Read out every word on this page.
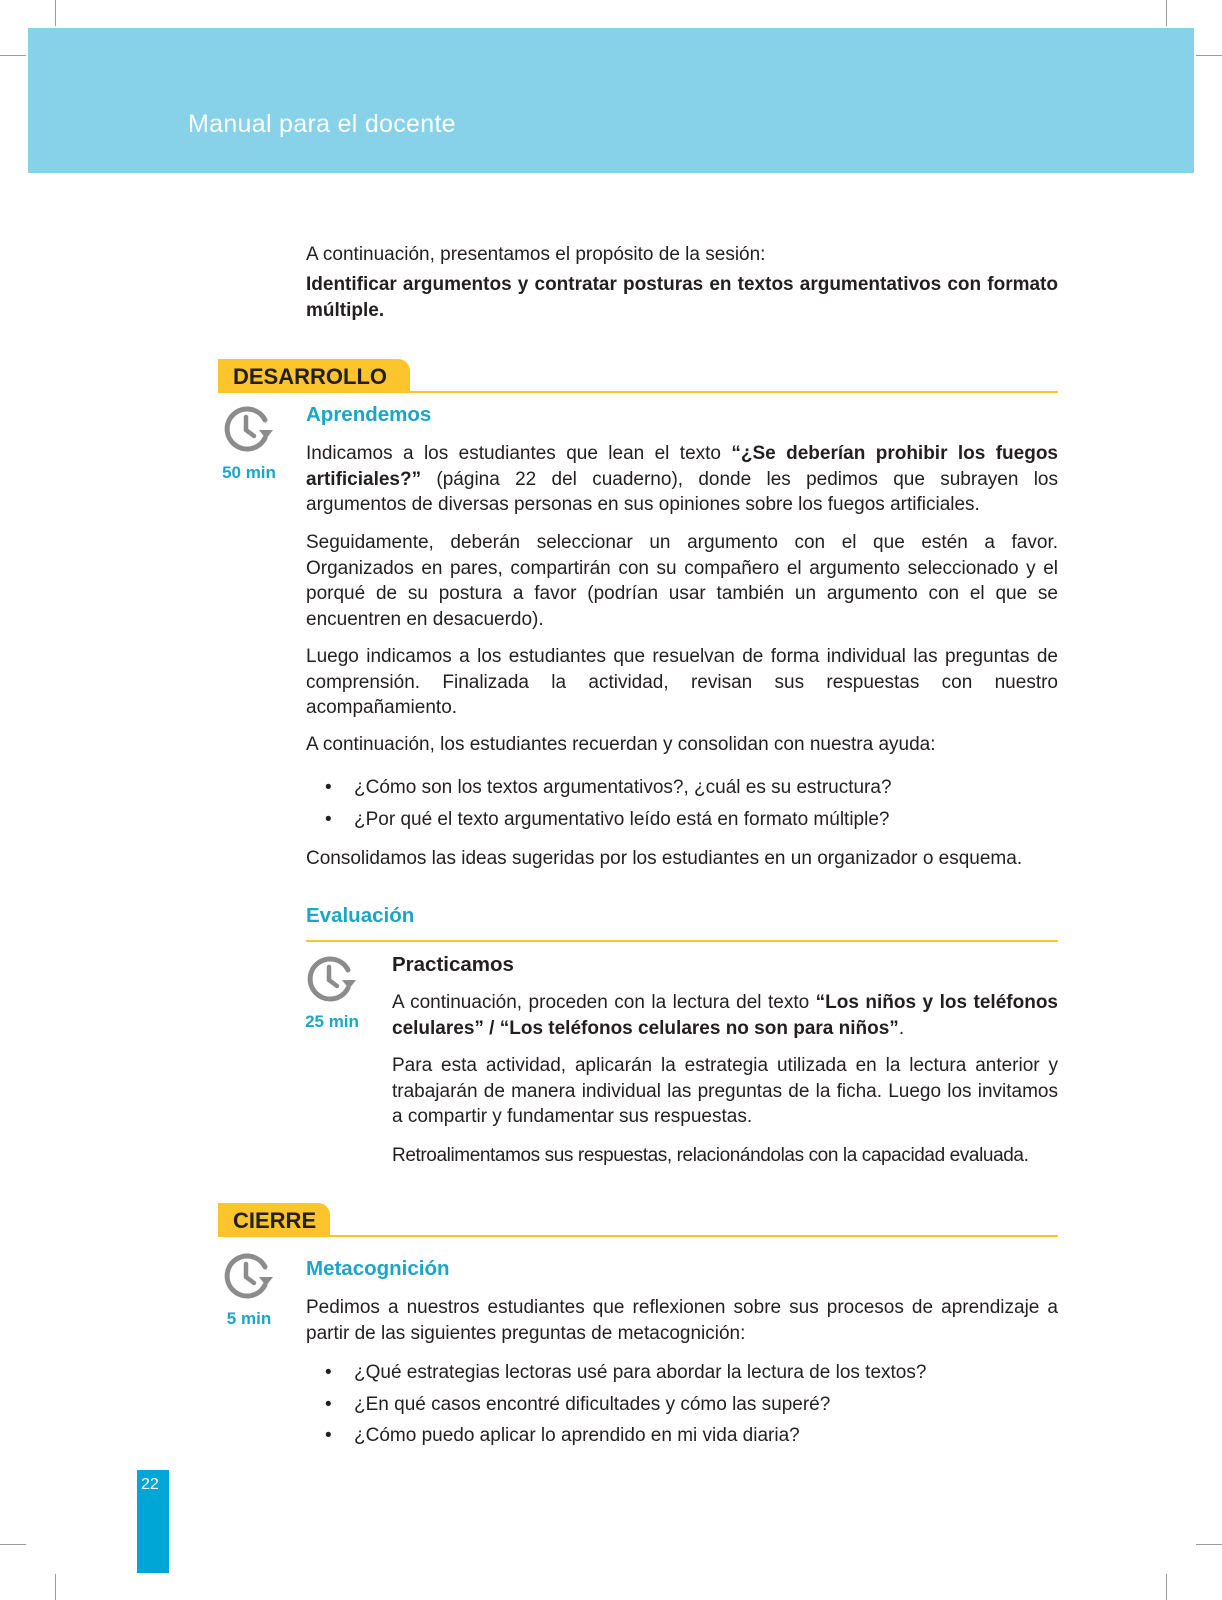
Manual para el docente

A continuación, presentamos el propósito de la sesión:

Identificar argumentos y contratar posturas en textos argumentativos con formato múltiple.

DESARROLLO
50 min
Aprendemos

Indicamos a los estudiantes que lean el texto “¿Se deberían prohibir los fuegos artificiales?” (página 22 del cuaderno), donde les pedimos que subrayen los argumentos de diversas personas en sus opiniones sobre los fuegos artificiales.

Seguidamente, deberán seleccionar un argumento con el que estén a favor. Organizados en pares, compartirán con su compañero el argumento seleccionado y el porqué de su postura a favor (podrían usar también un argumento con el que se encuentren en desacuerdo).

Luego indicamos a los estudiantes que resuelvan de forma individual las preguntas de comprensión. Finalizada la actividad, revisan sus respuestas con nuestro acompañamiento.

A continuación, los estudiantes recuerdan y consolidan con nuestra ayuda:

• ¿Cómo son los textos argumentativos?, ¿cuál es su estructura?
• ¿Por qué el texto argumentativo leído está en formato múltiple?

Consolidamos las ideas sugeridas por los estudiantes en un organizador o esquema.

Evaluación
25 min
Practicamos

A continuación, proceden con la lectura del texto “Los niños y los teléfonos celulares” / “Los teléfonos celulares no son para niños”.

Para esta actividad, aplicarán la estrategia utilizada en la lectura anterior y trabajarán de manera individual las preguntas de la ficha. Luego los invitamos a compartir y fundamentar sus respuestas.

Retroalimentamos sus respuestas, relacionándolas con la capacidad evaluada.

CIERRE
5 min
Metacognición

Pedimos a nuestros estudiantes que reflexionen sobre sus procesos de aprendizaje a partir de las siguientes preguntas de metacognición:

• ¿Qué estrategias lectoras usé para abordar la lectura de los textos?
• ¿En qué casos encontré dificultades y cómo las superé?
• ¿Cómo puedo aplicar lo aprendido en mi vida diaria?
22
